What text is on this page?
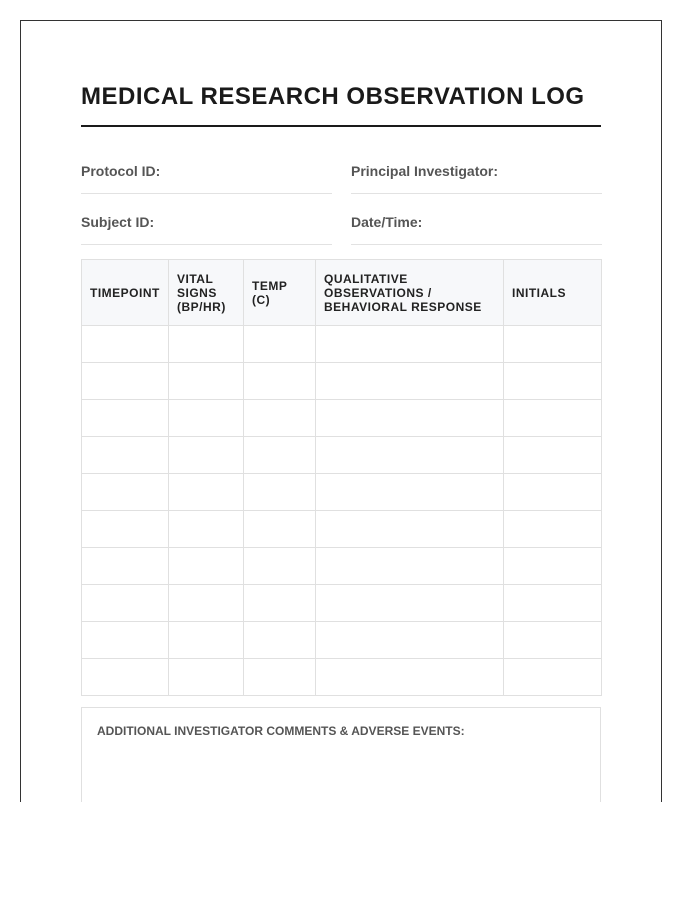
MEDICAL RESEARCH OBSERVATION LOG
Protocol ID:	Principal Investigator:
Subject ID:	Date/Time:
TIMEPOINT	VITAL SIGNS (BP/HR)	TEMP (C)	QUALITATIVE OBSERVATIONS / BEHAVIORAL RESPONSE	INITIALS

ADDITIONAL INVESTIGATOR COMMENTS & ADVERSE EVENTS:
